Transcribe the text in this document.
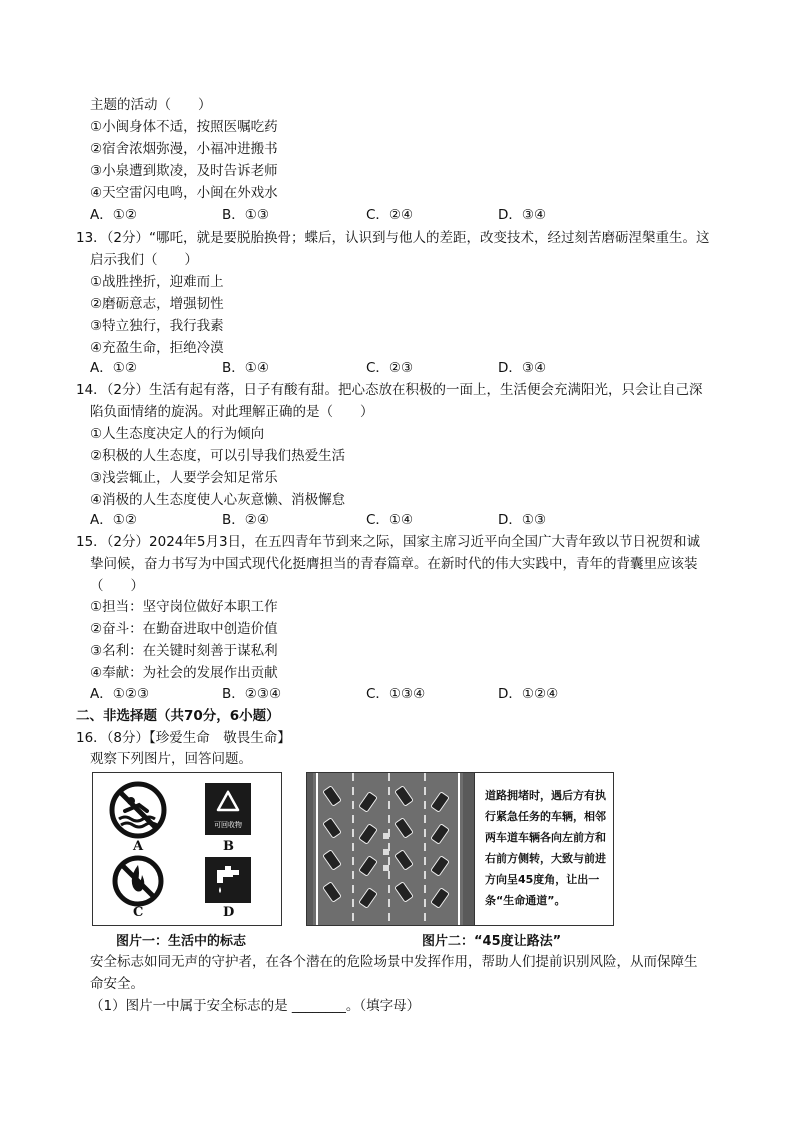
主题的活动（　　）
①小闽身体不适，按照医嘱吃药
②宿舍浓烟弥漫，小福冲进搬书
③小泉遭到欺凌，及时告诉老师
④天空雷闪电鸣，小闽在外戏水
A．①②	B．①③	C．②④	D．③④
13．（2分）“哪吒，就是要脱胎换骨；蝶后，认识到与他人的差距，改变技术，经过刻苦磨砺涅槃重生。这
启示我们（　　）
①战胜挫折，迎难而上
②磨砺意志，增强韧性
③特立独行，我行我素
④充盈生命，拒绝冷漠
A．①②	B．①④	C．②③	D．③④
14．（2分）生活有起有落，日子有酸有甜。把心态放在积极的一面上，生活便会充满阳光，只会让自己深
陷负面情绪的旋涡。对此理解正确的是（　　）
①人生态度决定人的行为倾向
②积极的人生态度，可以引导我们热爱生活
③浅尝辄止，人要学会知足常乐
④消极的人生态度使人心灰意懒、消极懈怠
A．①②	B．②④	C．①④	D．①③
15．（2分）2024年5月3日，在五四青年节到来之际，国家主席习近平向全国广大青年致以节日祝贺和诚
挚问候，奋力书写为中国式现代化挺膺担当的青春篇章。在新时代的伟大实践中，青年的背囊里应该装
（　　）
①担当：坚守岗位做好本职工作
②奋斗：在勤奋进取中创造价值
③名利：在关键时刻善于谋私利
④奉献：为社会的发展作出贡献
A．①②③	B．②③④	C．①③④	D．①②④
二、非选择题（共70分，6小题）
16．（8分）【珍爱生命　敬畏生命】
观察下列图片，回答问题。
A
可回收物
B
C	D
图片一：生活中的标志
道路拥堵时，遇后方有执行紧急任务的车辆，相邻两车道车辆各向左前方和右前方侧转，大致与前进方向呈45度角，让出一条“生命通道”。
图片二：“45度让路法”
安全标志如同无声的守护者，在各个潜在的危险场景中发挥作用，帮助人们提前识别风险，从而保障生
命安全。
（1）图片一中属于安全标志的是 ________。（填字母）
